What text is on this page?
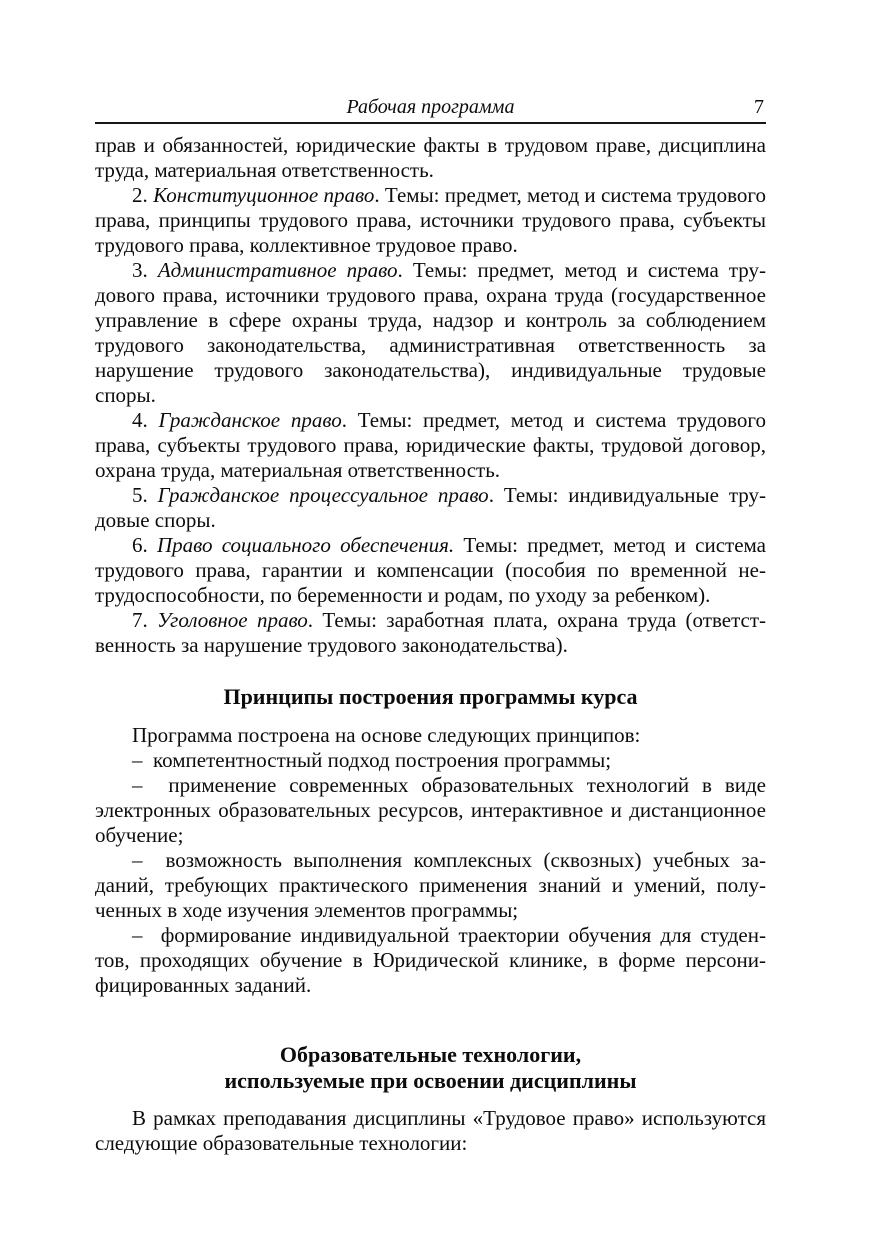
Рабочая программа	7

прав и обязанностей, юридические факты в трудовом праве, дисциплина труда, материальная ответственность.

2. Конституционное право. Темы: предмет, метод и система трудового права, принципы трудового права, источники трудового права, субъекты трудового права, коллективное трудовое право.

3. Административное право. Темы: предмет, метод и система трудового права, источники трудового права, охрана труда (государственное управление в сфере охраны труда, надзор и контроль за соблюдением трудового законодательства, административная ответственность за нарушение трудового законодательства), индивидуальные трудовые споры.

4. Гражданское право. Темы: предмет, метод и система трудового права, субъекты трудового права, юридические факты, трудовой договор, охрана труда, материальная ответственность.

5. Гражданское процессуальное право. Темы: индивидуальные трудовые споры.

6. Право социального обеспечения. Темы: предмет, метод и система трудового права, гарантии и компенсации (пособия по временной нетрудоспособности, по беременности и родам, по уходу за ребенком).

7. Уголовное право. Темы: заработная плата, охрана труда (ответственность за нарушение трудового законодательства).

Принципы построения программы курса

Программа построена на основе следующих принципов:

–  компетентностный подход построения программы;

–  применение современных образовательных технологий в виде электронных образовательных ресурсов, интерактивное и дистанционное обучение;

–  возможность выполнения комплексных (сквозных) учебных заданий, требующих практического применения знаний и умений, полученных в ходе изучения элементов программы;

–  формирование индивидуальной траектории обучения для студентов, проходящих обучение в Юридической клинике, в форме персонифицированных заданий.

Образовательные технологии,
используемые при освоении дисциплины

В рамках преподавания дисциплины «Трудовое право» используются следующие образовательные технологии:
